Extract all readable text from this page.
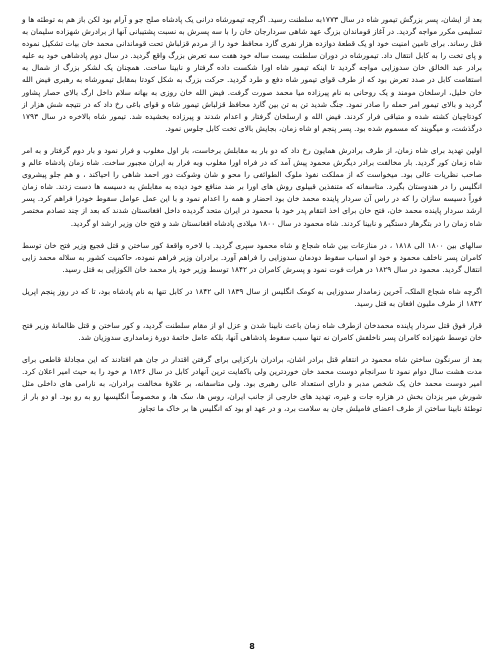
بعد از ایشان، پسر بزرگش تیمور شاه در سال ۱۷۷۳به سلطنت رسید. اگرچه تیمورشاه درانی یک پادشاه صلح جو و آرام بود لکن باز هم به توطئه ها و تسلیمی مکرر مواجه گردید. در آغاز قوماندان بزرگ عهد شاهی سردارجان خان را با سه پسرش به نسبت پشتیبانی آنها از برادرش شهزاده سلیمان به قتل رساند. برای تامین امنیت خود او یک قطعهٔ دوازده هزار نفری گارد محافظ خود را از مردم قزلباش تحت قوماندانی محمد خان بیات تشکیل نموده و پای تخت را به کابل انتقال داد. تیمورشاه در دوران سلطنت بیست ساله خود هفت سه تعرض بزرگ واقع گردید. در سال دوم پادشاهی خود به علیه برادر عبد الخالق خان سدوزایی مواجه گردید تا اینکه تیمور شاه اورا شکست داده گرفتار و نابینا ساخت. همچنان یک لشکر بزرگ از شمال به استقامت کابل در صدد تعرض بود که از طرف قوای تیمور شاه دفع و طرد گردید. حرکت بزرگ به شکل کودتا بمقابل تیمورشاه به رهبری فیض الله خان خلیل، ارسلخان مومند و یک روحانی به نام پیرزاده میا محمد صورت گرفت. فیض الله خان روزی به بهانه سلام داخل ارگ بالای حصار پشاور گردید و بالای تیمور امر حمله را صادر نمود. جنگ شدید تن به تن بین گارد محافظ قزلباش تیمور شاه و قوای باغی رخ داد که در نتیجه شش هزار از کودتاچیان کشته شده و متباقی فرار کردند. فیض الله و ارسلخان گرفتار و اعدام شدند و پیرزاده بخشیده شد. تیمور شاه بالاخره در سال ۱۷۹۳ درگذشت، و میگویند که مسموم شده بود. پسر پنجم او شاه زمان، بجایش بالای تخت کابل جلوس نمود.

اولین تهدید برای شاه زمان، از طرف برادرش همایون رخ داد که دو بار به مقابلش برخاست، بار اول مغلوب و فرار نمود و بار دوم گرفتار و به امر شاه زمان کور گردید. بار مخالفت برادر دیگرش محمود پیش آمد که در فراه اورا مغلوب وبه فرار به ایران مجبور ساخت. شاه زمان پادشاه عالم و صاحب نظریات عالی بود. میخواست که از مملکت نفوذ ملوک الطوائفی را محو و شان وشوکت دور احمد شاهی را احیاکند ، و هم جلو پیشروی انگلیس را در هندوستان بگیرد. متاسفانه که متنفذین قبیلوی روش های اورا بر ضد منافع خود دیده به مقابلش به دسیسه ها دست زدند. شاه زمان فوراً دسیسه سازان را که در راس آن سردار پاینده محمد خان بود احضار و همه را اعدام نمود و با این عمل عوامل سقوط خودرا فراهم کرد. پسر ارشد سردار پاینده محمد خان، فتح خان برای اخذ انتقام پدر خود با محمود در ایران متحد گردیده داخل افغانستان شدند که بعد از چند تصادم مختصر شاه زمان را در بتگرهار دستگیر و نابینا کردند. شاه محمود در سال ۱۸۰۰ میلادی پادشاه افغانستان شد و فتح خان وزیر ارشد او گردید.

سالهای بین ۱۸۰۰ الی ۱۸۱۸ ، در منازعات بین شاه شجاع و شاه محمود سپری گردید. با لاخره واقعهٔ کور ساختن و قتل فجیع وزیر فتح خان توسط کامران پسر ناخلف محمود و خود او اسباب سقوط دودمان سدوزایی را فراهم آورد. برادران وزیر فراهم نموده، حاکمیت کشور به سلاله محمد زایی انتقال گردید. محمود در سال ۱۸۲۹ در هرات فوت نمود و پسرش کامران در ۱۸۴۲ توسط وزیر خود یار محمد خان الکوزایی به قتل رسید.

اگرچه شاه شجاع الملک، آخرین زمامدار سدوزایی به کومک انگلیس از سال ۱۸۳۹ الی ۱۸۴۲ در کابل تنها به نام پادشاه بود، تا که در روز پنجم اپریل ۱۸۴۲ از طرف ملیون افغان به قتل رسید.

قرار فوق قتل سردار پاینده محمدخان ازطرف شاه زمان باعث نابینا شدن و عزل او از مقام سلطنت گردید، و کور ساختن و قتل ظالمانهٔ وزیر فتح خان توسط شهزاده کامران پسر ناخلفش کامران نه تنها سبب سقوط پادشاهی آنها، بلکه عامل خاتمهٔ دورهٔ زمامداری سدوزیان شد.

بعد از سرنگون ساختن شاه محمود در انتقام قتل برادر اشان، برادران بارکزایی برای گرفتن اقتدار در جان هم افتادند که این مجادلهٔ قاطعی برای مدت هشت سال دوام نمود تا سرانجام دوست محمد خان خوردترین ولی باکفایت ترین آنهادر کابل در سال ۱۸۲۶ م خود را به حیث امیر اعلان کرد. امیر دوست محمد خان یک شخص مدبر و دارای استعداد عالی رهبری بود. ولی متاسفانه، بر علاوهٔ مخالفت برادران، به نارامی های داخلی مثل شورش میر یزدان بخش در هزاره جات و غیره، تهدید های خارجی از جانب ایران، روس ها، سک ها، و مخصوصاً انگلیسها رو به رو بود. او دو بار از توطئهٔ نابینا ساختن از طرف اعضای فامیلش جان به سلامت برد، و در عهد او بود که انگلیس ها بر خاک ما تجاوز

8
